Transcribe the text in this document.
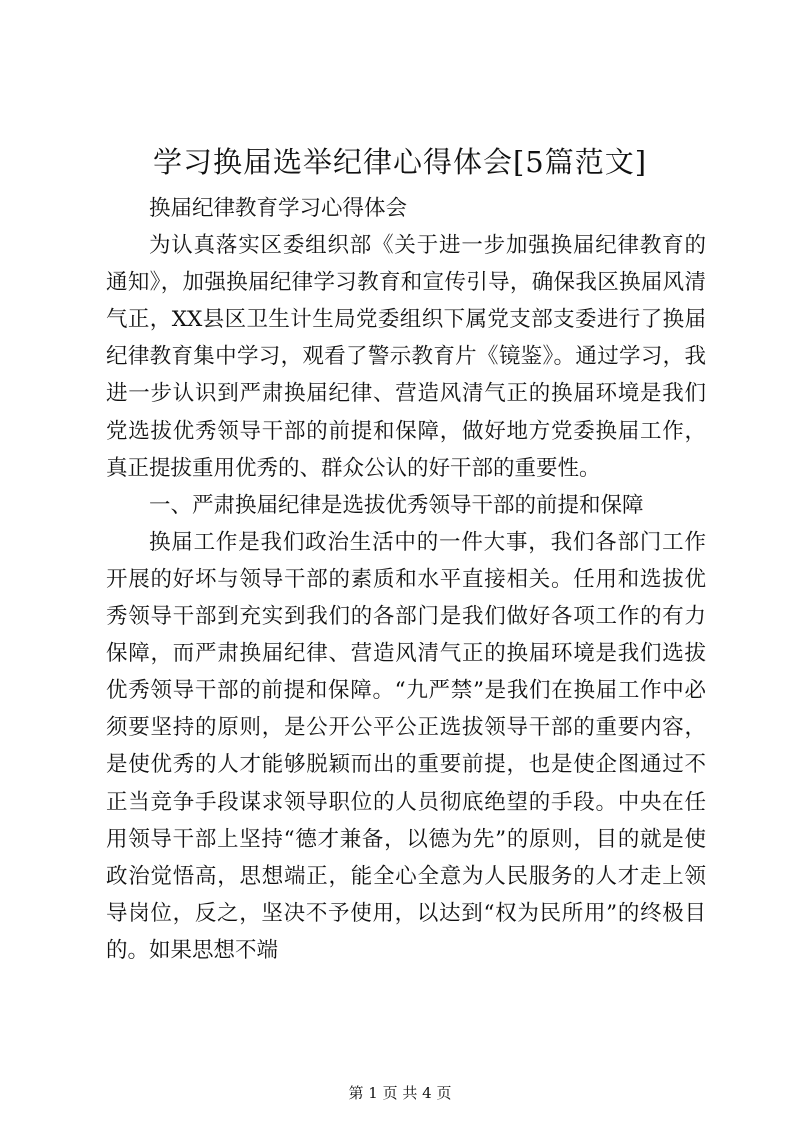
学习换届选举纪律心得体会[5篇范文]

换届纪律教育学习心得体会

为认真落实区委组织部《关于进一步加强换届纪律教育的通知》，加强换届纪律学习教育和宣传引导，确保我区换届风清气正，XX县区卫生计生局党委组织下属党支部支委进行了换届纪律教育集中学习，观看了警示教育片《镜鉴》。通过学习，我进一步认识到严肃换届纪律、营造风清气正的换届环境是我们党选拔优秀领导干部的前提和保障，做好地方党委换届工作，真正提拔重用优秀的、群众公认的好干部的重要性。

一、严肃换届纪律是选拔优秀领导干部的前提和保障

换届工作是我们政治生活中的一件大事，我们各部门工作开展的好坏与领导干部的素质和水平直接相关。任用和选拔优秀领导干部到充实到我们的各部门是我们做好各项工作的有力保障，而严肃换届纪律、营造风清气正的换届环境是我们选拔优秀领导干部的前提和保障。“九严禁”是我们在换届工作中必须要坚持的原则，是公开公平公正选拔领导干部的重要内容，是使优秀的人才能够脱颖而出的重要前提，也是使企图通过不正当竞争手段谋求领导职位的人员彻底绝望的手段。中央在任用领导干部上坚持“德才兼备，以德为先”的原则，目的就是使政治觉悟高，思想端正，能全心全意为人民服务的人才走上领导岗位，反之，坚决不予使用，以达到“权为民所用”的终极目的。如果思想不端

第 1 页 共 4 页
